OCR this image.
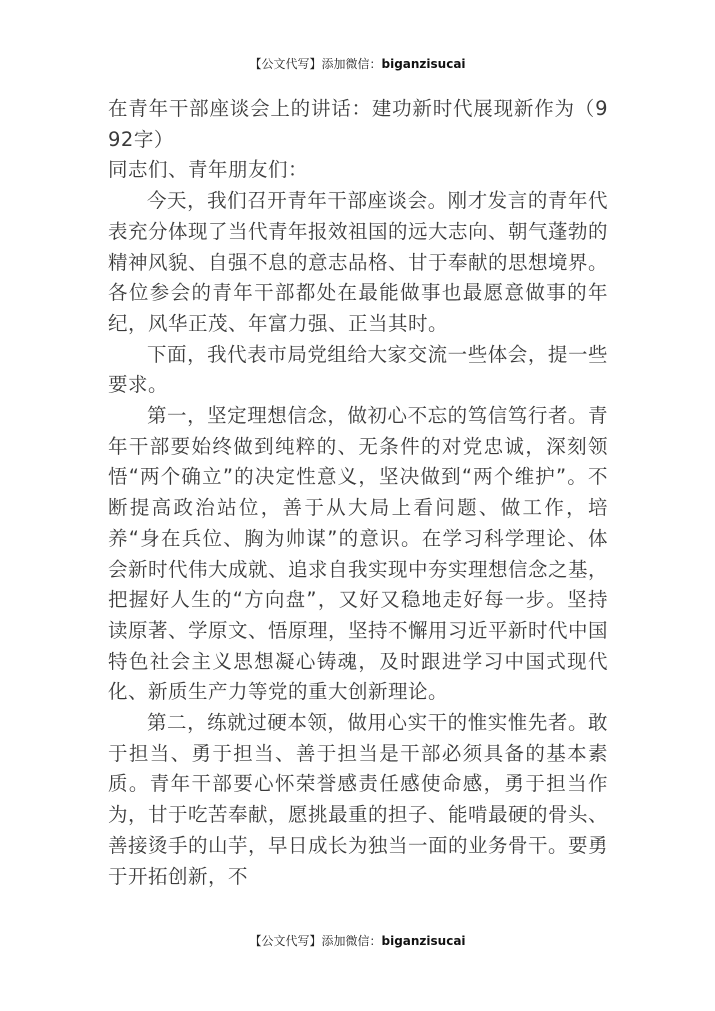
【公文代写】添加微信：biganzisucai

在青年干部座谈会上的讲话：建功新时代展现新作为（992字）

同志们、青年朋友们：

今天，我们召开青年干部座谈会。刚才发言的青年代表充分体现了当代青年报效祖国的远大志向、朝气蓬勃的精神风貌、自强不息的意志品格、甘于奉献的思想境界。各位参会的青年干部都处在最能做事也最愿意做事的年纪，风华正茂、年富力强、正当其时。

下面，我代表市局党组给大家交流一些体会，提一些要求。

第一，坚定理想信念，做初心不忘的笃信笃行者。青年干部要始终做到纯粹的、无条件的对党忠诚，深刻领悟“两个确立”的决定性意义，坚决做到“两个维护”。不断提高政治站位，善于从大局上看问题、做工作，培养“身在兵位、胸为帅谋”的意识。在学习科学理论、体会新时代伟大成就、追求自我实现中夯实理想信念之基，把握好人生的“方向盘”，又好又稳地走好每一步。坚持读原著、学原文、悟原理，坚持不懈用习近平新时代中国特色社会主义思想凝心铸魂，及时跟进学习中国式现代化、新质生产力等党的重大创新理论。

第二，练就过硬本领，做用心实干的惟实惟先者。敢于担当、勇于担当、善于担当是干部必须具备的基本素质。青年干部要心怀荣誉感责任感使命感，勇于担当作为，甘于吃苦奉献，愿挑最重的担子、能啃最硬的骨头、善接烫手的山芋，早日成长为独当一面的业务骨干。要勇于开拓创新，不

【公文代写】添加微信：biganzisucai
